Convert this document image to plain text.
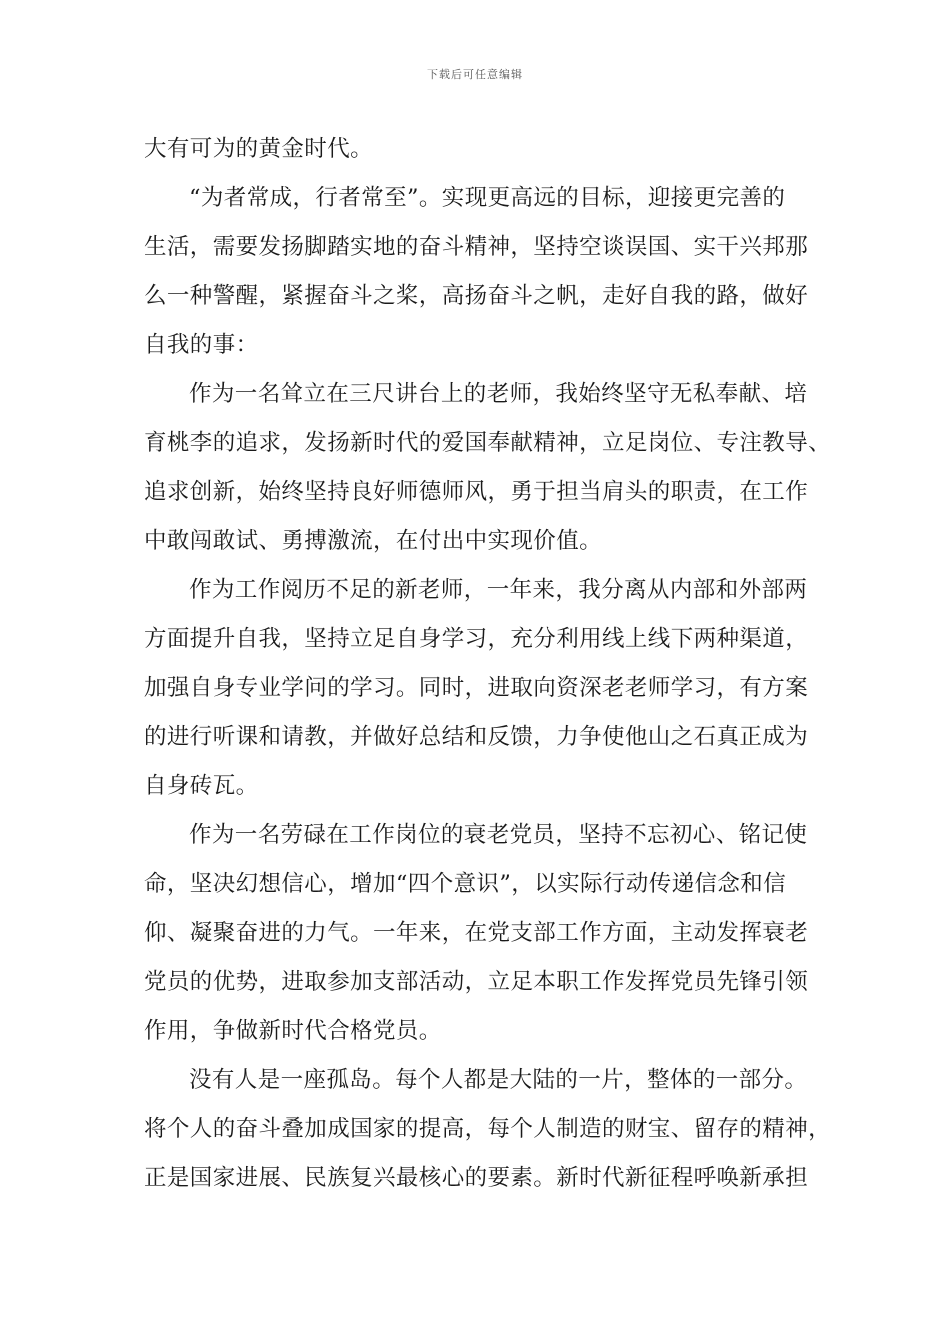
下载后可任意编辑
大有可为的黄金时代。
“为者常成，行者常至”。实现更高远的目标，迎接更完善的
生活，需要发扬脚踏实地的奋斗精神，坚持空谈误国、实干兴邦那
么一种警醒，紧握奋斗之桨，高扬奋斗之帆，走好自我的路，做好
自我的事：
作为一名耸立在三尺讲台上的老师，我始终坚守无私奉献、培
育桃李的追求，发扬新时代的爱国奉献精神，立足岗位、专注教导、
追求创新，始终坚持良好师德师风，勇于担当肩头的职责，在工作
中敢闯敢试、勇搏激流，在付出中实现价值。
作为工作阅历不足的新老师，一年来，我分离从内部和外部两
方面提升自我，坚持立足自身学习，充分利用线上线下两种渠道，
加强自身专业学问的学习。同时，进取向资深老老师学习，有方案
的进行听课和请教，并做好总结和反馈，力争使他山之石真正成为
自身砖瓦。
作为一名劳碌在工作岗位的衰老党员，坚持不忘初心、铭记使
命，坚决幻想信心，增加“四个意识”，以实际行动传递信念和信
仰、凝聚奋进的力气。一年来，在党支部工作方面，主动发挥衰老
党员的优势，进取参加支部活动，立足本职工作发挥党员先锋引领
作用，争做新时代合格党员。
没有人是一座孤岛。每个人都是大陆的一片，整体的一部分。
将个人的奋斗叠加成国家的提高，每个人制造的财宝、留存的精神，
正是国家进展、民族复兴最核心的要素。新时代新征程呼唤新承担
